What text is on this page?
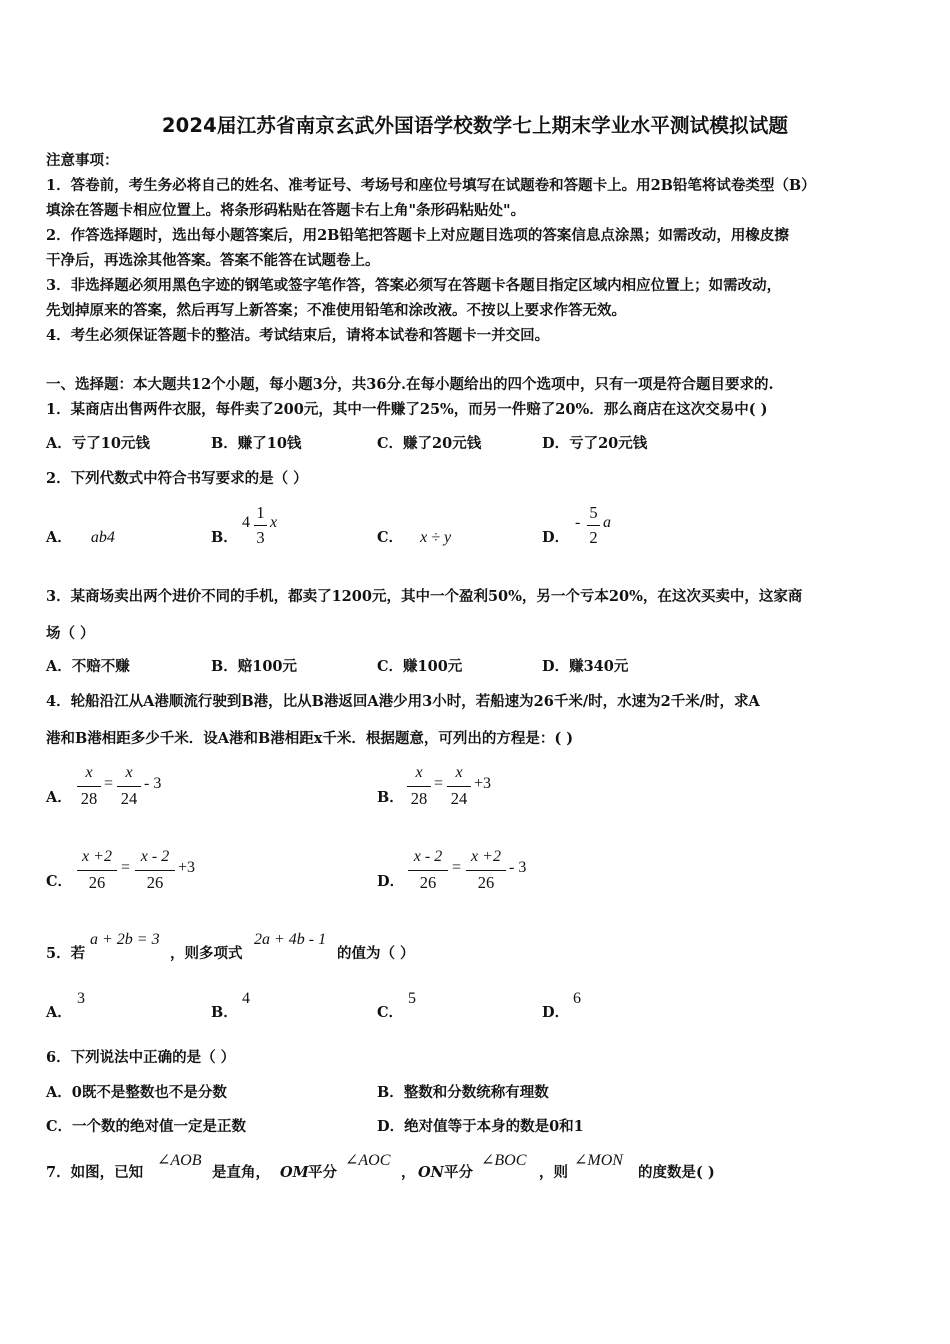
2024届江苏省南京玄武外国语学校数学七上期末学业水平测试模拟试题
注意事项：
1．答卷前，考生务必将自己的姓名、准考证号、考场号和座位号填写在试题卷和答题卡上。用2B铅笔将试卷类型（B）
填涂在答题卡相应位置上。将条形码粘贴在答题卡右上角"条形码粘贴处"。
2．作答选择题时，选出每小题答案后，用2B铅笔把答题卡上对应题目选项的答案信息点涂黑；如需改动，用橡皮擦
干净后，再选涂其他答案。答案不能答在试题卷上。
3．非选择题必须用黑色字迹的钢笔或签字笔作答，答案必须写在答题卡各题目指定区域内相应位置上；如需改动，
先划掉原来的答案，然后再写上新答案；不准使用铅笔和涂改液。不按以上要求作答无效。
4．考生必须保证答题卡的整洁。考试结束后，请将本试卷和答题卡一并交回。
一、选择题：本大题共12个小题，每小题3分，共36分.在每小题给出的四个选项中，只有一项是符合题目要求的.
1．某商店出售两件衣服，每件卖了200元，其中一件赚了25%，而另一件赔了20%．那么商店在这次交易中( )
A．亏了10元钱	B．赚了10钱	C．赚了20元钱	D．亏了20元钱
2．下列代数式中符合书写要求的是（ ）
A． ab4	B．
4
1
3
x
C． x ÷ y	D．
-
5
2
a
3．某商场卖出两个进价不同的手机，都卖了1200元，其中一个盈利50%，另一个亏本20%，在这次买卖中，这家商
场（ ）
A．不赔不赚	B．赔100元	C．赚100元	D．赚340元
4．轮船沿江从A港顺流行驶到B港，比从B港返回A港少用3小时，若船速为26千米/时，水速为2千米/时，求A
港和B港相距多少千米．设A港和B港相距x千米．根据题意，可列出的方程是：( )
A．
x
28
=
x
24
- 3
B．
x
28
=
x
24
+3
C．
x +2
26
=
x - 2
26
+3
D．
x - 2
26
=
x +2
26
- 3
5．若
a + 2b = 3
，则多项式
2a + 4b - 1
的值为（ ）
A．
3
B．
4
C．
5
D．
6
6．下列说法中正确的是（ ）
A．0既不是整数也不是分数	B．整数和分数统称有理数
C．一个数的绝对值一定是正数	D．绝对值等于本身的数是0和1
7．如图，已知
∠AOB
是直角， OM 平分
∠AOC
， ON 平分
∠BOC
，则
∠MON
的度数是( )
